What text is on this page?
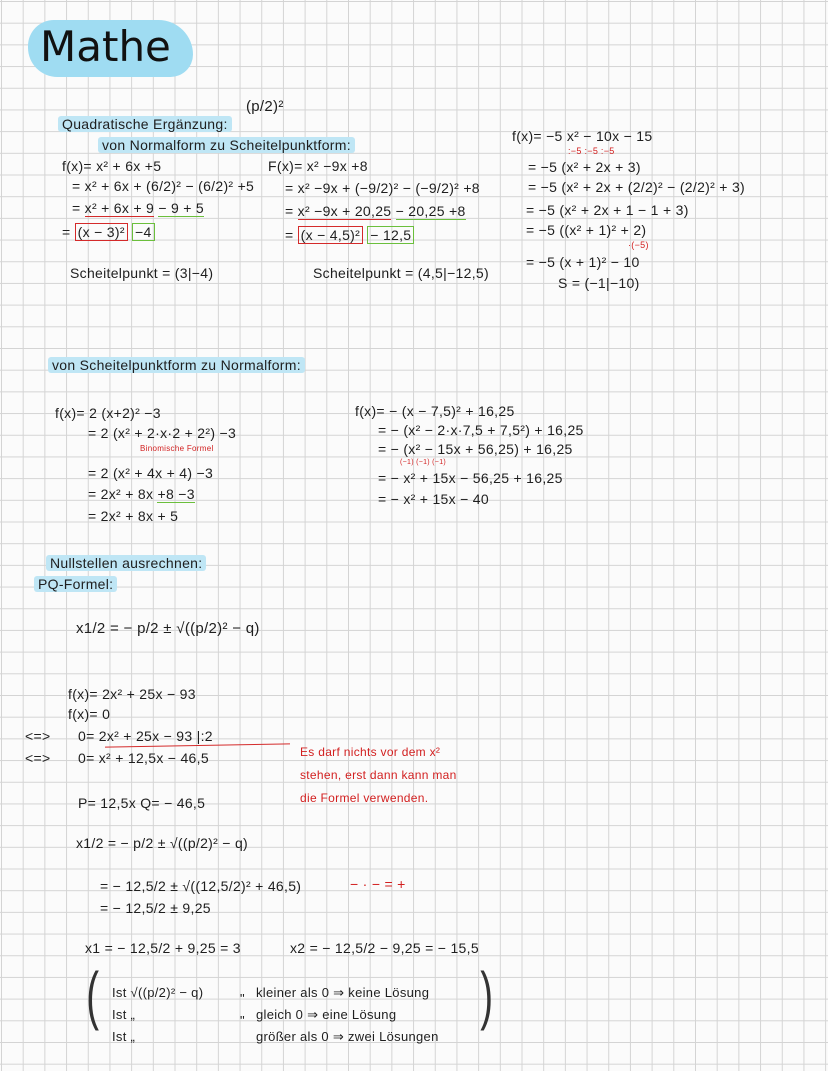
Mathe
Quadratische Ergänzung:
(p/2)²
von Normalform zu Scheitelpunktform:
f(x)= x² + 6x +5
= x² + 6x + (6/2)² − (6/2)² +5
= x² + 6x + 9 − 9 + 5
= (x − 3)² −4
Scheitelpunkt = (3|−4)
F(x)= x² −9x +8
= x² −9x + (−9/2)² − (−9/2)² +8
= x² −9x + 20,25 − 20,25 +8
= (x − 4,5)² − 12,5
Scheitelpunkt = (4,5|−12,5)
f(x)= −5 x² − 10x − 15
:−5 :−5 :−5
= −5 (x² + 2x + 3)
= −5 (x² + 2x + (2/2)² − (2/2)² + 3)
= −5 (x² + 2x + 1 − 1 + 3)
= −5 ((x² + 1)² + 2)
·(−5)
= −5 (x + 1)² − 10
S = (−1|−10)
von Scheitelpunktform zu Normalform:
f(x)= 2 (x+2)² −3
= 2 (x² + 2·x·2 + 2²) −3
Binomische Formel
= 2 (x² + 4x + 4) −3
= 2x² + 8x +8 −3
= 2x² + 8x + 5
f(x)= − (x − 7,5)² + 16,25
= − (x² − 2·x·7,5 + 7,5²) + 16,25
= − (x² − 15x + 56,25) + 16,25
(−1) (−1) (−1)
= − x² + 15x − 56,25 + 16,25
= − x² + 15x − 40
Nullstellen ausrechnen:
PQ-Formel:
x1/2 = − p/2 ± √((p/2)² − q)
f(x)= 2x² + 25x − 93
f(x)= 0
<=> 0= 2x² + 25x − 93 |:2
<=> 0= x² + 12,5x − 46,5
P= 12,5x Q= − 46,5
Es darf nichts vor dem x²
stehen, erst dann kann man
die Formel verwenden.
x1/2 = − p/2 ± √((p/2)² − q)
= − 12,5/2 ± √((12,5/2)² + 46,5)	− · − = +
= − 12,5/2 ± 9,25
x1 = − 12,5/2 + 9,25 = 3	x2 = − 12,5/2 − 9,25 = − 15,5
(	)
Ist √((p/2)² − q)	" kleiner als 0 ⇒ keine Lösung
Ist „	" gleich 0 ⇒ eine Lösung
Ist „	größer als 0 ⇒ zwei Lösungen
